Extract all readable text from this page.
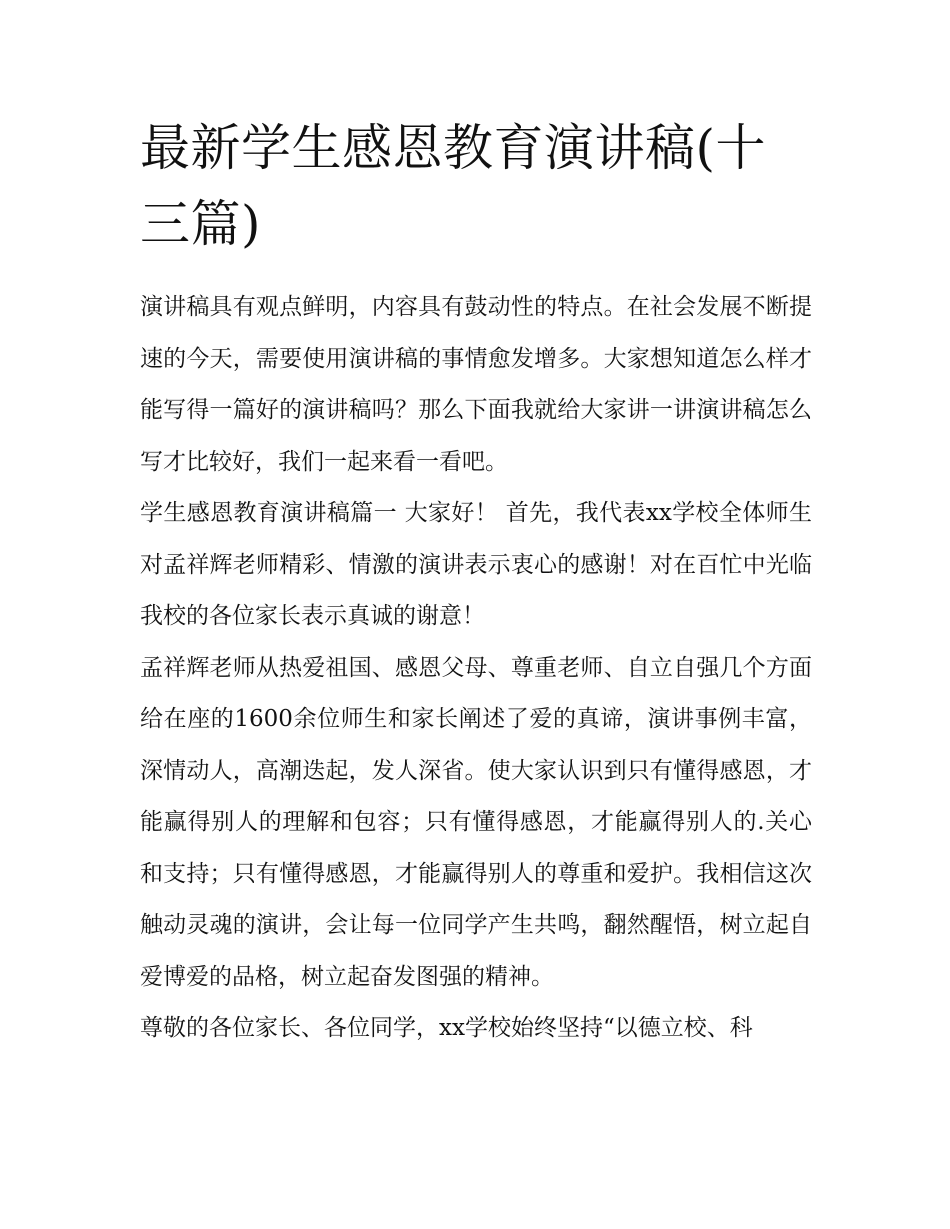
最新学生感恩教育演讲稿(十三篇)

演讲稿具有观点鲜明，内容具有鼓动性的特点。在社会发展不断提速的今天，需要使用演讲稿的事情愈发增多。大家想知道怎么样才能写得一篇好的演讲稿吗？那么下面我就给大家讲一讲演讲稿怎么写才比较好，我们一起来看一看吧。

学生感恩教育演讲稿篇一 大家好！ 首先，我代表xx学校全体师生对孟祥辉老师精彩、情激的演讲表示衷心的感谢！对在百忙中光临我校的各位家长表示真诚的谢意！

孟祥辉老师从热爱祖国、感恩父母、尊重老师、自立自强几个方面给在座的1600余位师生和家长阐述了爱的真谛，演讲事例丰富，深情动人，高潮迭起，发人深省。使大家认识到只有懂得感恩，才能赢得别人的理解和包容；只有懂得感恩，才能赢得别人的.关心和支持；只有懂得感恩，才能赢得别人的尊重和爱护。我相信这次触动灵魂的演讲，会让每一位同学产生共鸣，翻然醒悟，树立起自爱博爱的品格，树立起奋发图强的精神。

尊敬的各位家长、各位同学，xx学校始终坚持“以德立校、科
